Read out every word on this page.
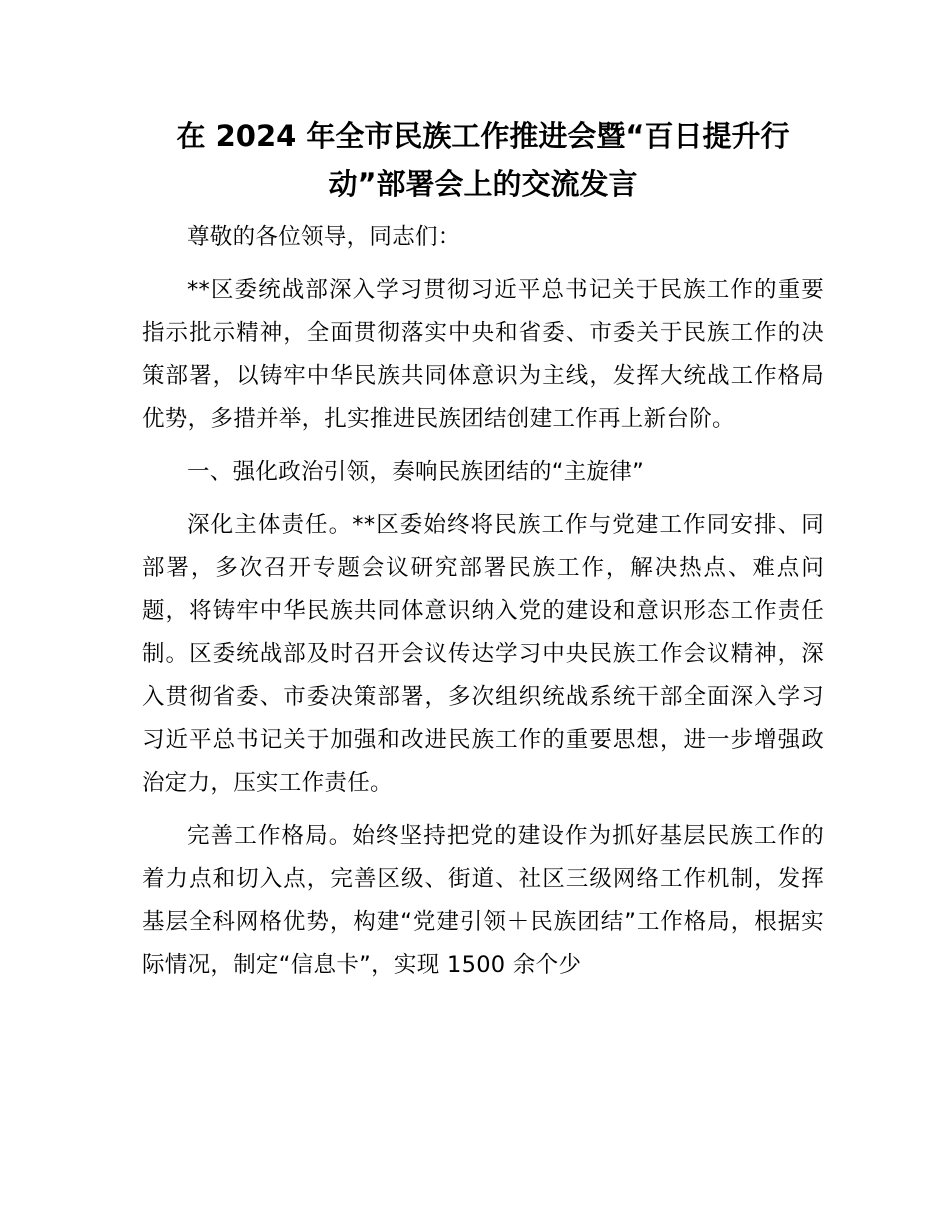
在 2024 年全市民族工作推进会暨“百日提升行动”部署会上的交流发言

尊敬的各位领导，同志们：

**区委统战部深入学习贯彻习近平总书记关于民族工作的重要指示批示精神，全面贯彻落实中央和省委、市委关于民族工作的决策部署，以铸牢中华民族共同体意识为主线，发挥大统战工作格局优势，多措并举，扎实推进民族团结创建工作再上新台阶。

一、强化政治引领，奏响民族团结的“主旋律”

深化主体责任。**区委始终将民族工作与党建工作同安排、同部署，多次召开专题会议研究部署民族工作，解决热点、难点问题，将铸牢中华民族共同体意识纳入党的建设和意识形态工作责任制。区委统战部及时召开会议传达学习中央民族工作会议精神，深入贯彻省委、市委决策部署，多次组织统战系统干部全面深入学习习近平总书记关于加强和改进民族工作的重要思想，进一步增强政治定力，压实工作责任。

完善工作格局。始终坚持把党的建设作为抓好基层民族工作的着力点和切入点，完善区级、街道、社区三级网络工作机制，发挥基层全科网格优势，构建“党建引领＋民族团结”工作格局，根据实际情况，制定“信息卡”，实现 1500 余个少
